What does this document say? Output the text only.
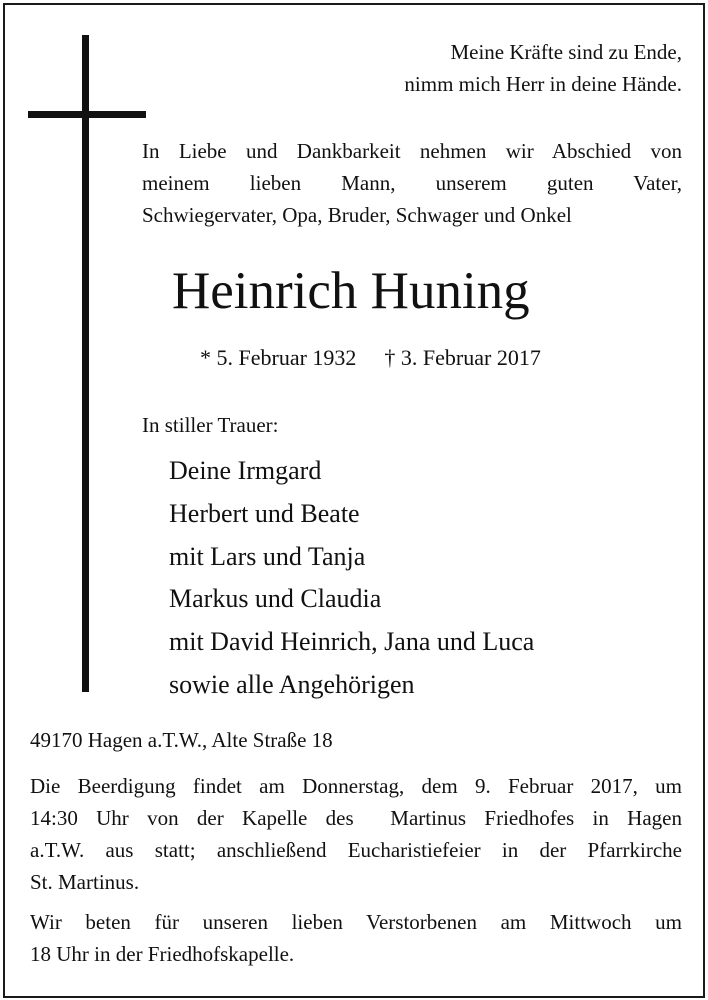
Meine Kräfte sind zu Ende,
nimm mich Herr in deine Hände.
In Liebe und Dankbarkeit nehmen wir Abschied von
meinem lieben Mann, unserem guten Vater,
Schwiegervater, Opa, Bruder, Schwager und Onkel
Heinrich Huning
* 5. Februar 1932 † 3. Februar 2017
In stiller Trauer:
Deine Irmgard
Herbert und Beate
mit Lars und Tanja
Markus und Claudia
mit David Heinrich, Jana und Luca
sowie alle Angehörigen
49170 Hagen a.T.W., Alte Straße 18
Die Beerdigung findet am Donnerstag, dem 9. Februar 2017, um
14:30 Uhr von der Kapelle des  Martinus Friedhofes in Hagen
a.T.W. aus statt; anschließend Eucharistiefeier in der Pfarrkirche
St. Martinus.
Wir beten für unseren lieben Verstorbenen am Mittwoch um
18 Uhr in der Friedhofskapelle.
